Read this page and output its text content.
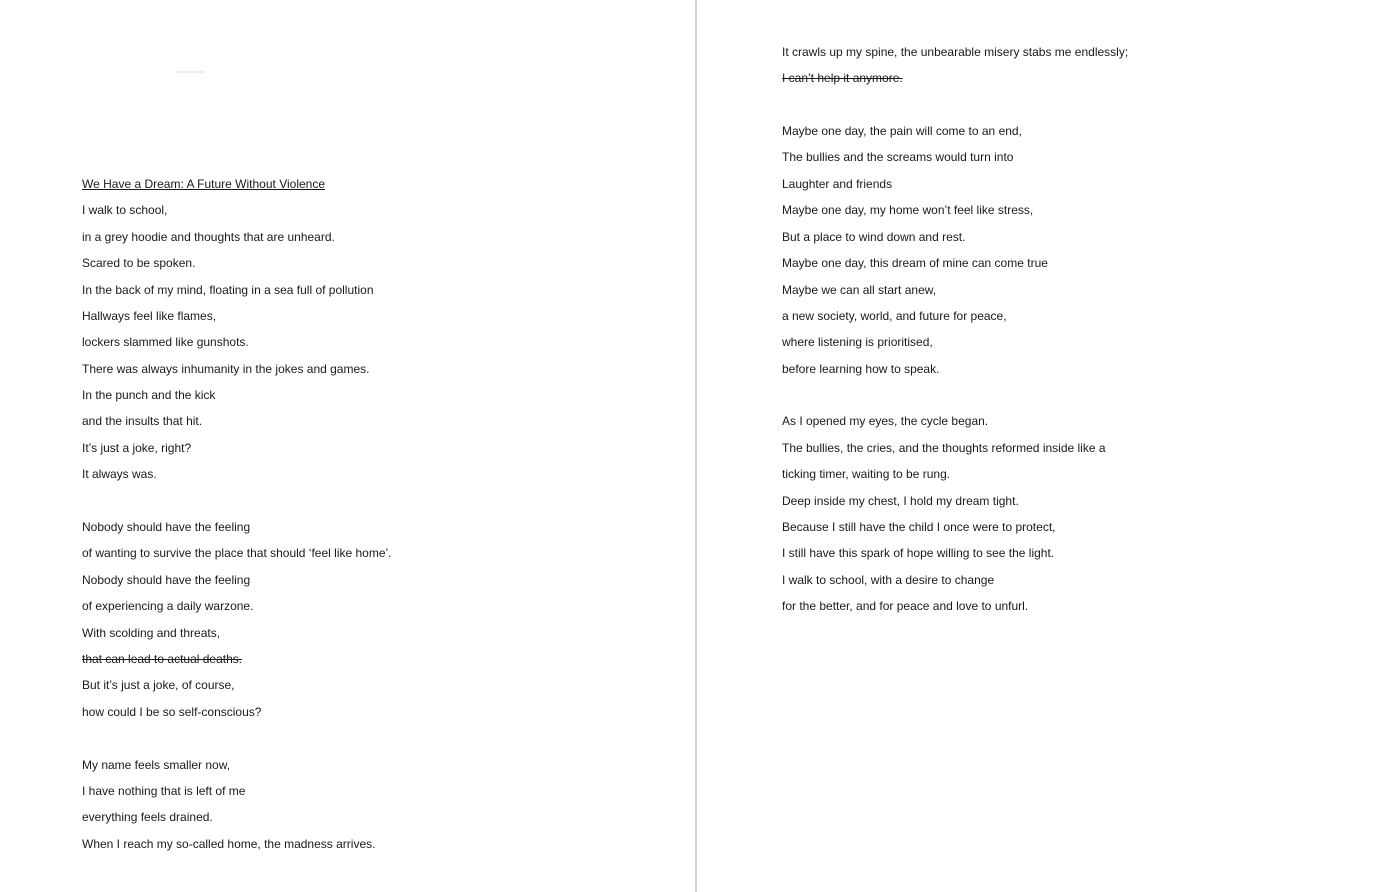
We Have a Dream: A Future Without Violence
I walk to school,
in a grey hoodie and thoughts that are unheard.
Scared to be spoken.
In the back of my mind, floating in a sea full of pollution
Hallways feel like flames,
lockers slammed like gunshots.
There was always inhumanity in the jokes and games.
In the punch and the kick
and the insults that hit.
It’s just a joke, right?
It always was.
Nobody should have the feeling
of wanting to survive the place that should ‘feel like home’.
Nobody should have the feeling
of experiencing a daily warzone.
With scolding and threats,
that can lead to actual deaths.
But it’s just a joke, of course,
how could I be so self-conscious?
My name feels smaller now,
I have nothing that is left of me
everything feels drained.
When I reach my so-called home, the madness arrives.
It crawls up my spine, the unbearable misery stabs me endlessly;
I can’t help it anymore.
Maybe one day, the pain will come to an end,
The bullies and the screams would turn into
Laughter and friends
Maybe one day, my home won’t feel like stress,
But a place to wind down and rest.
Maybe one day, this dream of mine can come true
Maybe we can all start anew,
a new society, world, and future for peace,
where listening is prioritised,
before learning how to speak.
As I opened my eyes, the cycle began.
The bullies, the cries, and the thoughts reformed inside like a
ticking timer, waiting to be rung.
Deep inside my chest, I hold my dream tight.
Because I still have the child I once were to protect,
I still have this spark of hope willing to see the light.
I walk to school, with a desire to change
for the better, and for peace and love to unfurl.
